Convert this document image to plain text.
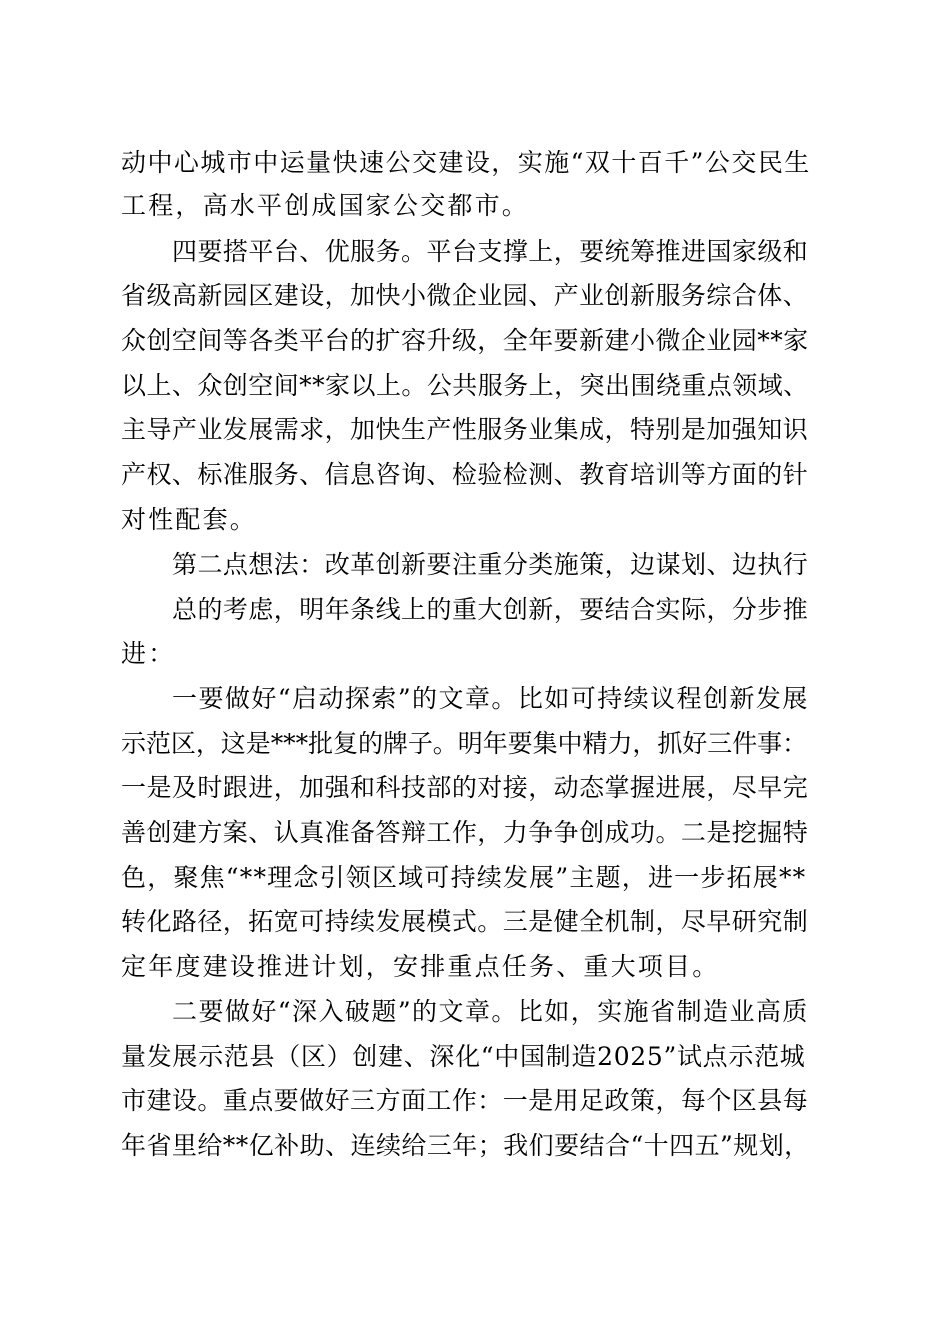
动中心城市中运量快速公交建设，实施“双十百千”公交民生
工程，高水平创成国家公交都市。
四要搭平台、优服务。平台支撑上，要统筹推进国家级和
省级高新园区建设，加快小微企业园、产业创新服务综合体、
众创空间等各类平台的扩容升级，全年要新建小微企业园**家
以上、众创空间**家以上。公共服务上，突出围绕重点领域、
主导产业发展需求，加快生产性服务业集成，特别是加强知识
产权、标准服务、信息咨询、检验检测、教育培训等方面的针
对性配套。
第二点想法：改革创新要注重分类施策，边谋划、边执行
总的考虑，明年条线上的重大创新，要结合实际，分步推
进：
一要做好“启动探索”的文章。比如可持续议程创新发展
示范区，这是***批复的牌子。明年要集中精力，抓好三件事：
一是及时跟进，加强和科技部的对接，动态掌握进展，尽早完
善创建方案、认真准备答辩工作，力争争创成功。二是挖掘特
色，聚焦“**理念引领区域可持续发展”主题，进一步拓展**
转化路径，拓宽可持续发展模式。三是健全机制，尽早研究制
定年度建设推进计划，安排重点任务、重大项目。
二要做好“深入破题”的文章。比如，实施省制造业高质
量发展示范县（区）创建、深化“中国制造2025”试点示范城
市建设。重点要做好三方面工作：一是用足政策，每个区县每
年省里给**亿补助、连续给三年；我们要结合“十四五”规划，
